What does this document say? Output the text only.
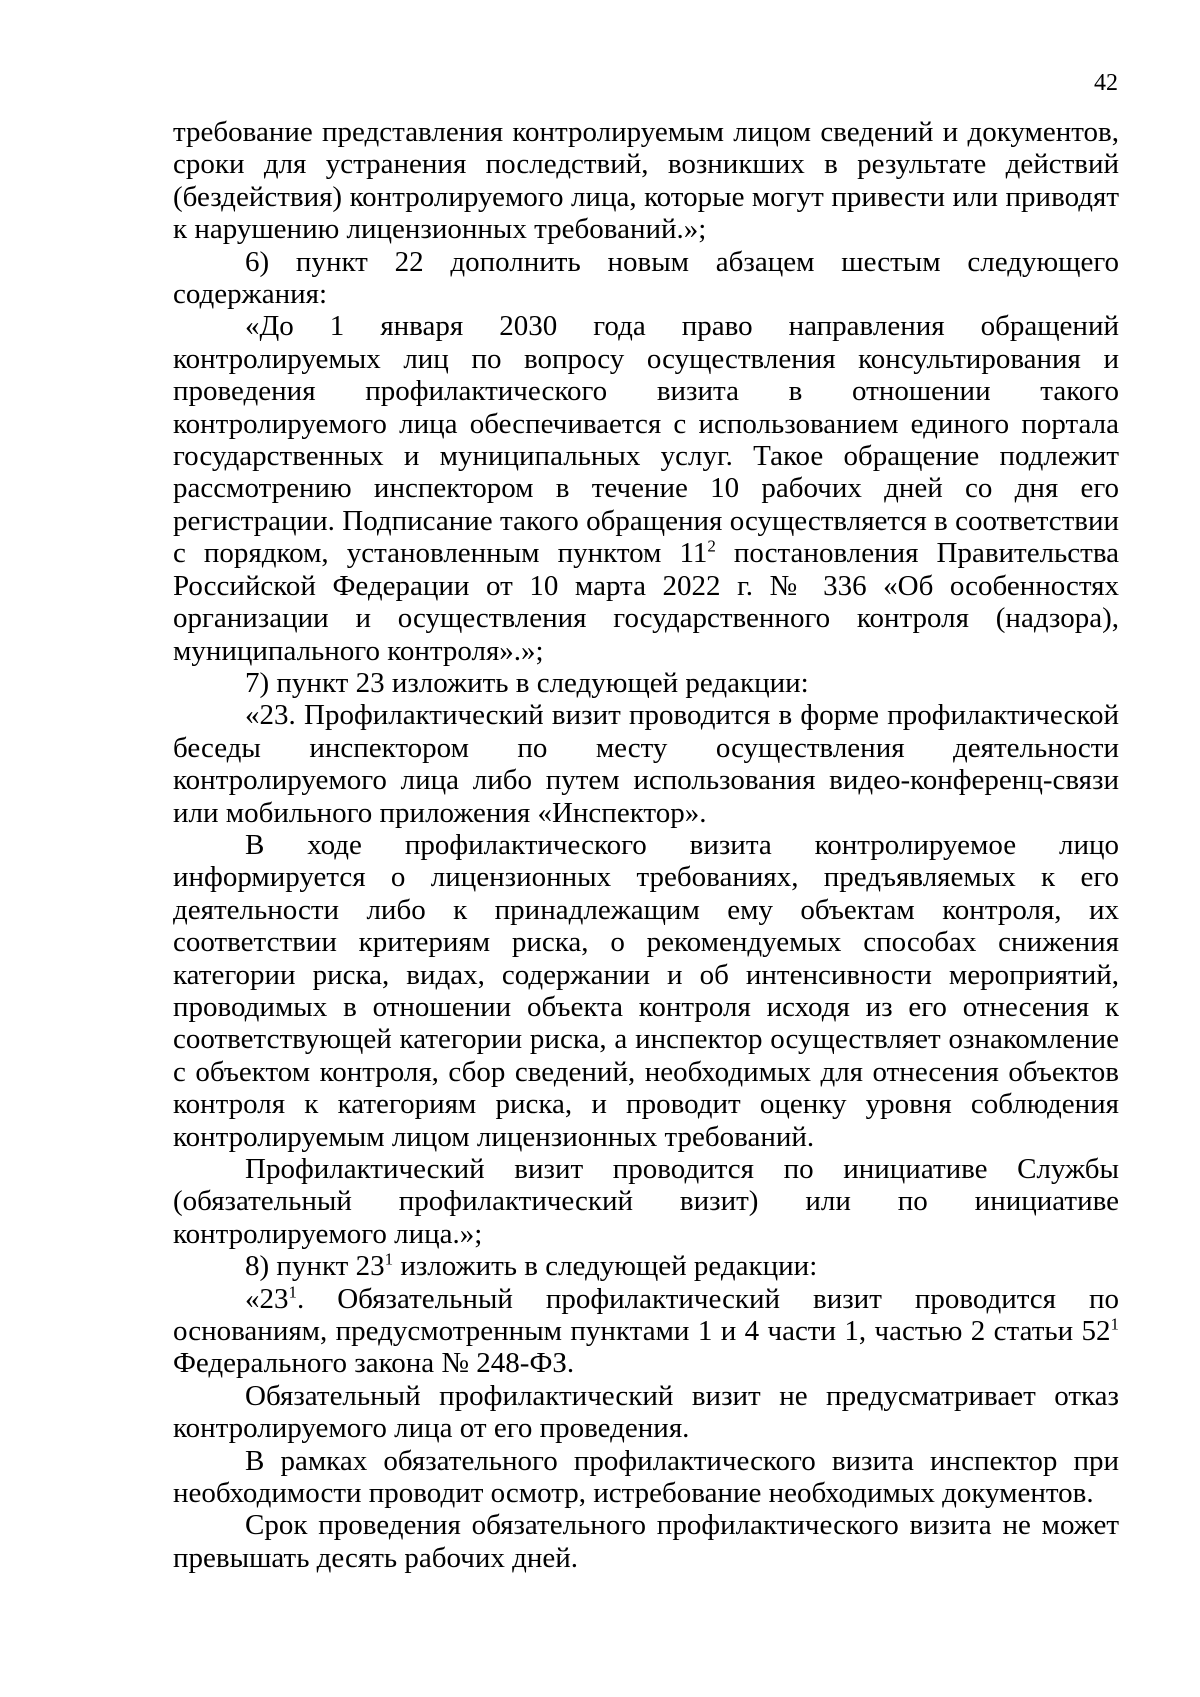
42

требование представления контролируемым лицом сведений и документов, сроки для устранения последствий, возникших в результате действий (бездействия) контролируемого лица, которые могут привести или приводят к нарушению лицензионных требований.»;

6) пункт 22 дополнить новым абзацем шестым следующего содержания:

«До 1 января 2030 года право направления обращений контролируемых лиц по вопросу осуществления консультирования и проведения профилактического визита в отношении такого контролируемого лица обеспечивается с использованием единого портала государственных и муниципальных услуг. Такое обращение подлежит рассмотрению инспектором в течение 10 рабочих дней со дня его регистрации. Подписание такого обращения осуществляется в соответствии с порядком, установленным пунктом $11^2$ постановления Правительства Российской Федерации от 10 марта 2022 г. № 336 «Об особенностях организации и осуществления государственного контроля (надзора), муниципального контроля».»;

7) пункт 23 изложить в следующей редакции:

«23. Профилактический визит проводится в форме профилактической беседы инспектором по месту осуществления деятельности контролируемого лица либо путем использования видео-конференц-связи или мобильного приложения «Инспектор».

В ходе профилактического визита контролируемое лицо информируется о лицензионных требованиях, предъявляемых к его деятельности либо к принадлежащим ему объектам контроля, их соответствии критериям риска, о рекомендуемых способах снижения категории риска, видах, содержании и об интенсивности мероприятий, проводимых в отношении объекта контроля исходя из его отнесения к соответствующей категории риска, а инспектор осуществляет ознакомление с объектом контроля, сбор сведений, необходимых для отнесения объектов контроля к категориям риска, и проводит оценку уровня соблюдения контролируемым лицом лицензионных требований.

Профилактический визит проводится по инициативе Службы (обязательный профилактический визит) или по инициативе контролируемого лица.»;

8) пункт $23^1$ изложить в следующей редакции:

«$23^1$. Обязательный профилактический визит проводится по основаниям, предусмотренным пунктами 1 и 4 части 1, частью 2 статьи $52^1$ Федерального закона № 248-ФЗ.

Обязательный профилактический визит не предусматривает отказ контролируемого лица от его проведения.

В рамках обязательного профилактического визита инспектор при необходимости проводит осмотр, истребование необходимых документов.

Срок проведения обязательного профилактического визита не может превышать десять рабочих дней.
